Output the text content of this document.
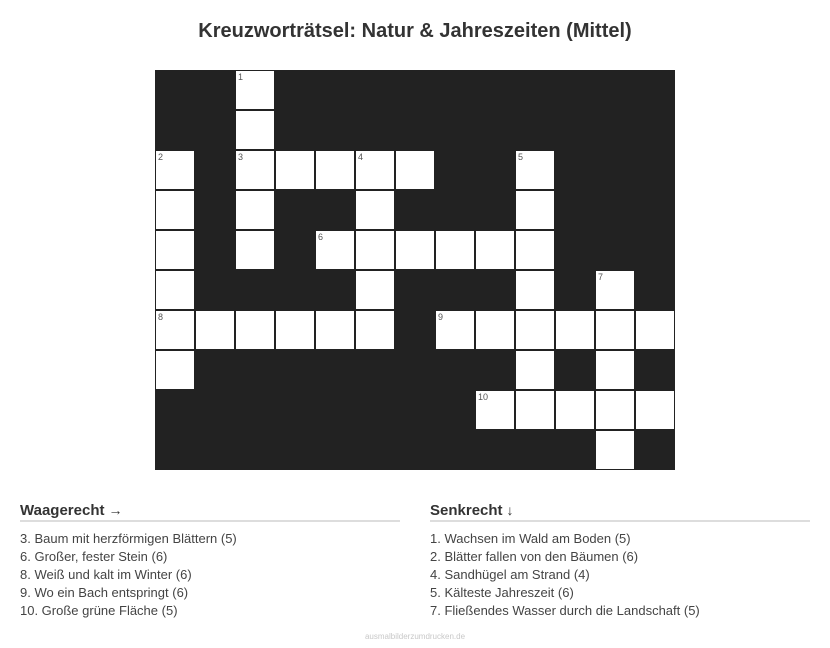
Kreuzworträtsel: Natur & Jahreszeiten (Mittel)
1
2	3	4	5
6
7
8	9
10
Waagerecht →
3. Baum mit herzförmigen Blättern (5)
6. Großer, fester Stein (6)
8. Weiß und kalt im Winter (6)
9. Wo ein Bach entspringt (6)
10. Große grüne Fläche (5)
Senkrecht ↓
1. Wachsen im Wald am Boden (5)
2. Blätter fallen von den Bäumen (6)
4. Sandhügel am Strand (4)
5. Kälteste Jahreszeit (6)
7. Fließendes Wasser durch die Landschaft (5)
ausmalbilderzumdrucken.de
